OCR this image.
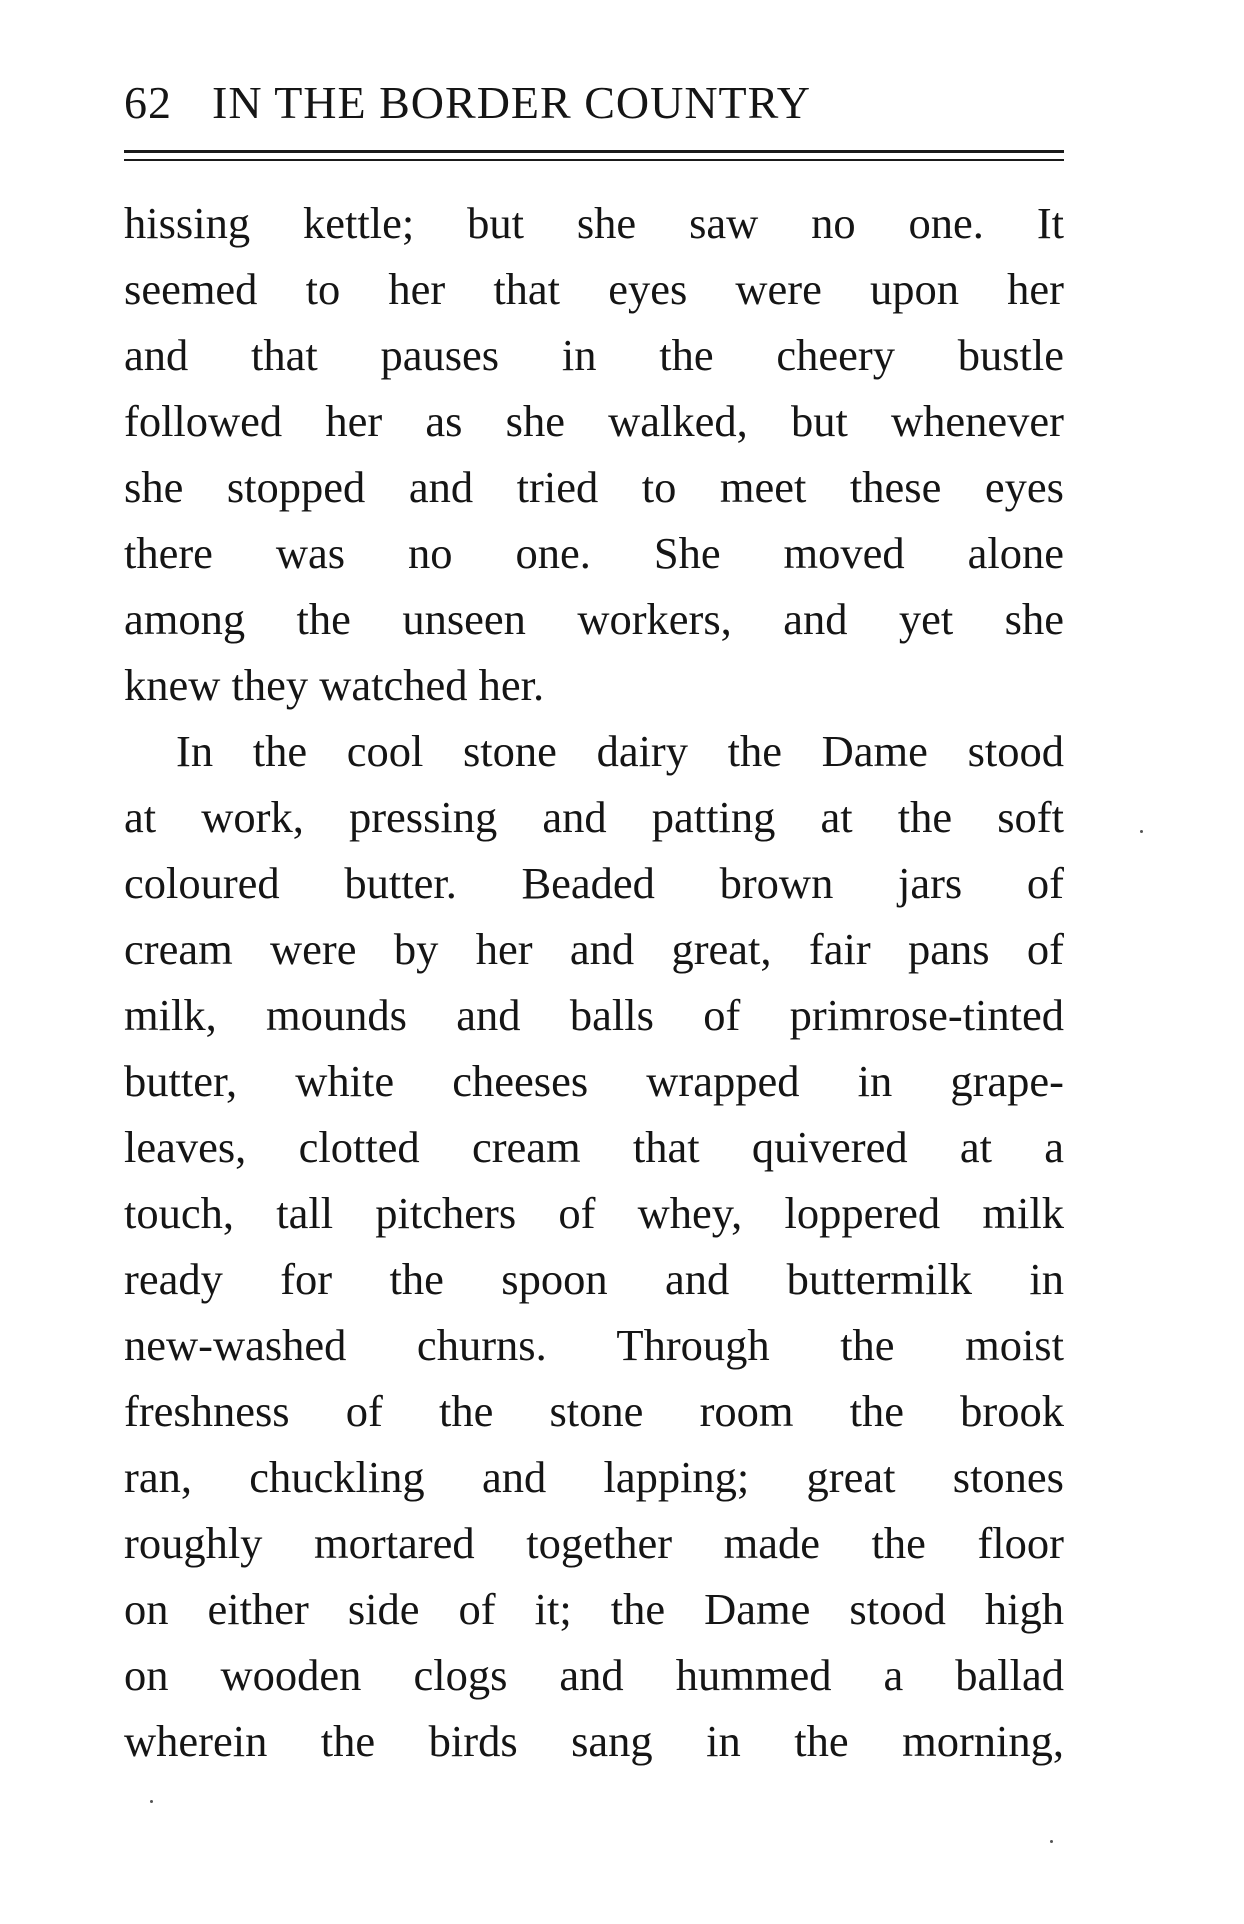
62 IN THE BORDER COUNTRY
hissing kettle; but she saw no one. It
seemed to her that eyes were upon her
and that pauses in the cheery bustle
followed her as she walked, but whenever
she stopped and tried to meet these eyes
there was no one. She moved alone
among the unseen workers, and yet she
knew they watched her.
In the cool stone dairy the Dame stood
at work, pressing and patting at the soft
coloured butter. Beaded brown jars of
cream were by her and great, fair pans of
milk, mounds and balls of primrose-tinted
butter, white cheeses wrapped in grape-
leaves, clotted cream that quivered at a
touch, tall pitchers of whey, loppered milk
ready for the spoon and buttermilk in
new-washed churns. Through the moist
freshness of the stone room the brook
ran, chuckling and lapping; great stones
roughly mortared together made the floor
on either side of it; the Dame stood high
on wooden clogs and hummed a ballad
wherein the birds sang in the morning,
